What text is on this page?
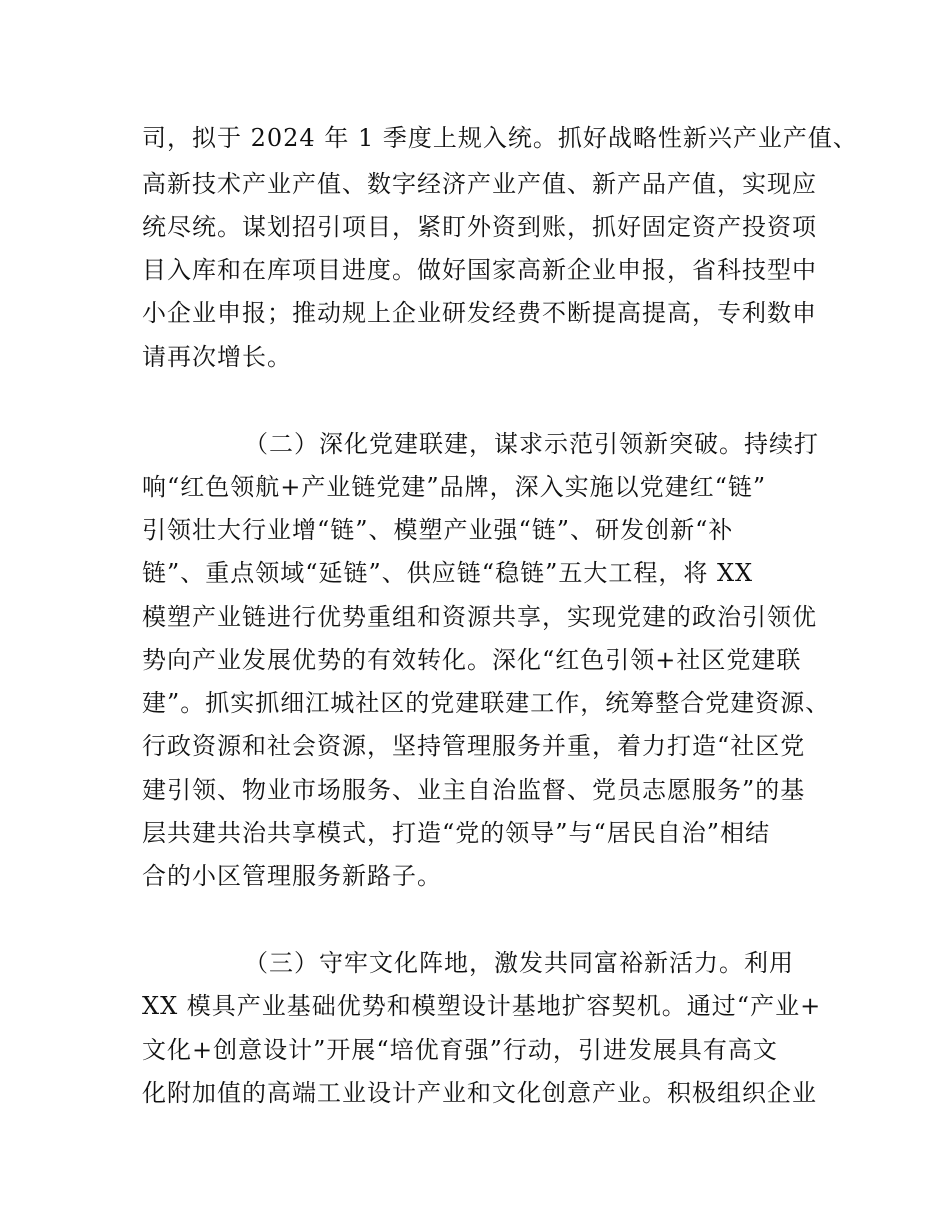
司，拟于 2024 年 1 季度上规入统。抓好战略性新兴产业产值、
高新技术产业产值、数字经济产业产值、新产品产值，实现应
统尽统。谋划招引项目，紧盯外资到账，抓好固定资产投资项
目入库和在库项目进度。做好国家高新企业申报，省科技型中
小企业申报；推动规上企业研发经费不断提高提高，专利数申
请再次增长。
（二）深化党建联建，谋求示范引领新突破。持续打
响“红色领航+产业链党建”品牌，深入实施以党建红“链”
引领壮大行业增“链”、模塑产业强“链”、研发创新“补
链”、重点领域“延链”、供应链“稳链”五大工程，将 XX
模塑产业链进行优势重组和资源共享，实现党建的政治引领优
势向产业发展优势的有效转化。深化“红色引领+社区党建联
建”。抓实抓细江城社区的党建联建工作，统筹整合党建资源、
行政资源和社会资源，坚持管理服务并重，着力打造“社区党
建引领、物业市场服务、业主自治监督、党员志愿服务”的基
层共建共治共享模式，打造“党的领导”与“居民自治”相结
合的小区管理服务新路子。
（三）守牢文化阵地，激发共同富裕新活力。利用
XX 模具产业基础优势和模塑设计基地扩容契机。通过“产业+
文化+创意设计”开展“培优育强”行动，引进发展具有高文
化附加值的高端工业设计产业和文化创意产业。积极组织企业
